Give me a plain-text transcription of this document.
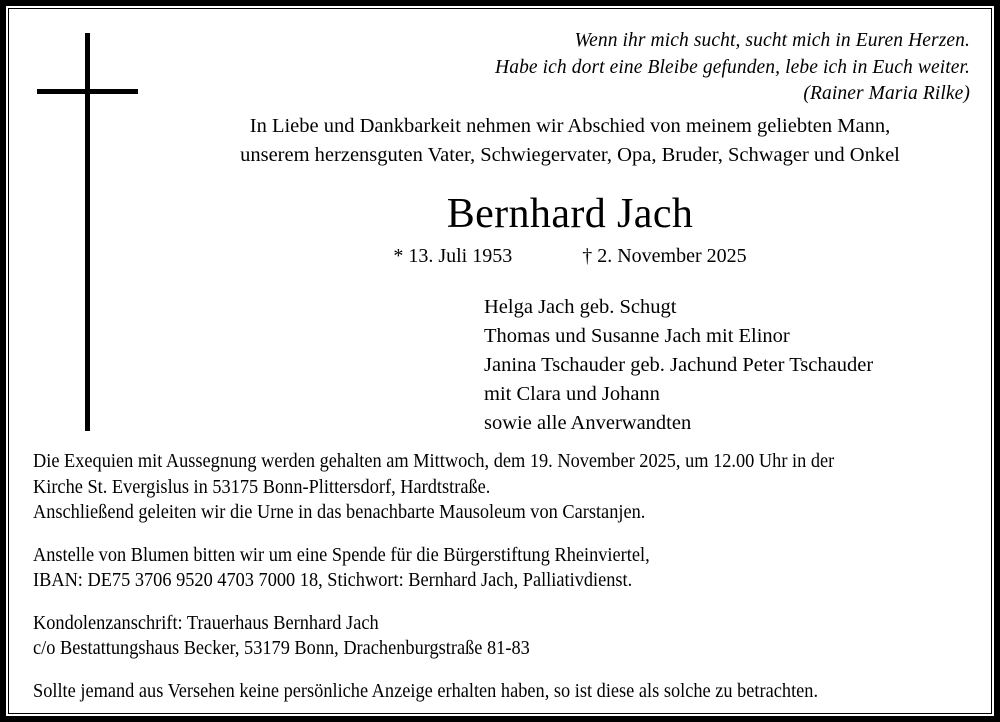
Wenn ihr mich sucht, sucht mich in Euren Herzen.
Habe ich dort eine Bleibe gefunden, lebe ich in Euch weiter.
(Rainer Maria Rilke)
In Liebe und Dankbarkeit nehmen wir Abschied von meinem geliebten Mann,
unserem herzensguten Vater, Schwiegervater, Opa, Bruder, Schwager und Onkel
Bernhard Jach
* 13. Juli 1953	† 2. November 2025
Helga Jach geb. Schugt
Thomas und Susanne Jach mit Elinor
Janina Tschauder geb. Jachund Peter Tschauder
mit Clara und Johann
sowie alle Anverwandten
Die Exequien mit Aussegnung werden gehalten am Mittwoch, dem 19. November 2025, um 12.00 Uhr in der
Kirche St. Evergislus in 53175 Bonn-Plittersdorf, Hardtstraße.
Anschließend geleiten wir die Urne in das benachbarte Mausoleum von Carstanjen.
Anstelle von Blumen bitten wir um eine Spende für die Bürgerstiftung Rheinviertel,
IBAN: DE75 3706 9520 4703 7000 18, Stichwort: Bernhard Jach, Palliativdienst.
Kondolenzanschrift: Trauerhaus Bernhard Jach
c/o Bestattungshaus Becker, 53179 Bonn, Drachenburgstraße 81-83
Sollte jemand aus Versehen keine persönliche Anzeige erhalten haben, so ist diese als solche zu betrachten.
